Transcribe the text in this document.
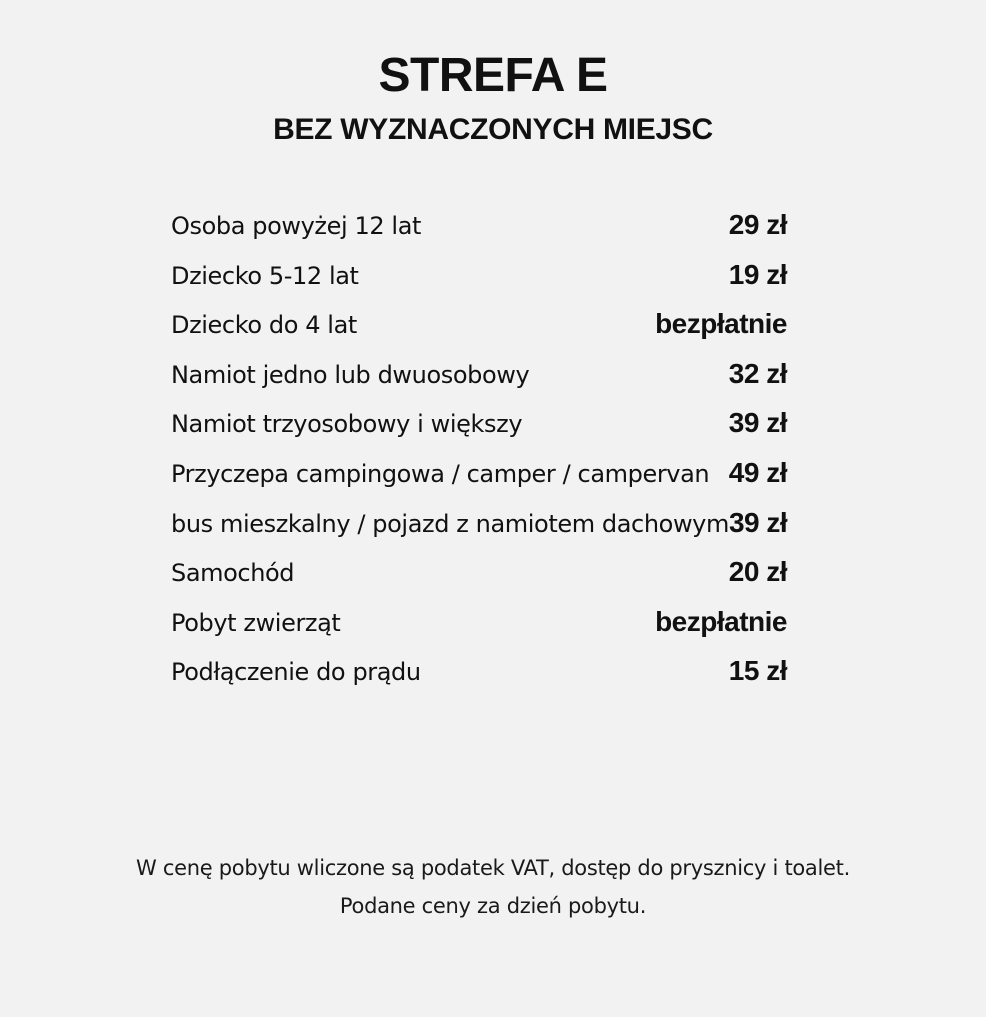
STREFA E
BEZ WYZNACZONYCH MIEJSC
Osoba powyżej 12 lat	29 zł
Dziecko 5-12 lat	19 zł
Dziecko do 4 lat	bezpłatnie
Namiot jedno lub dwuosobowy	32 zł
Namiot trzyosobowy i większy	39 zł
Przyczepa campingowa / camper / campervan 49 zł
bus mieszkalny / pojazd z namiotem dachowym 39 zł
Samochód	20 zł
Pobyt zwierząt	bezpłatnie
Podłączenie do prądu	15 zł

W cenę pobytu wliczone są podatek VAT, dostęp do prysznicy i toalet.

Podane ceny za dzień pobytu.
